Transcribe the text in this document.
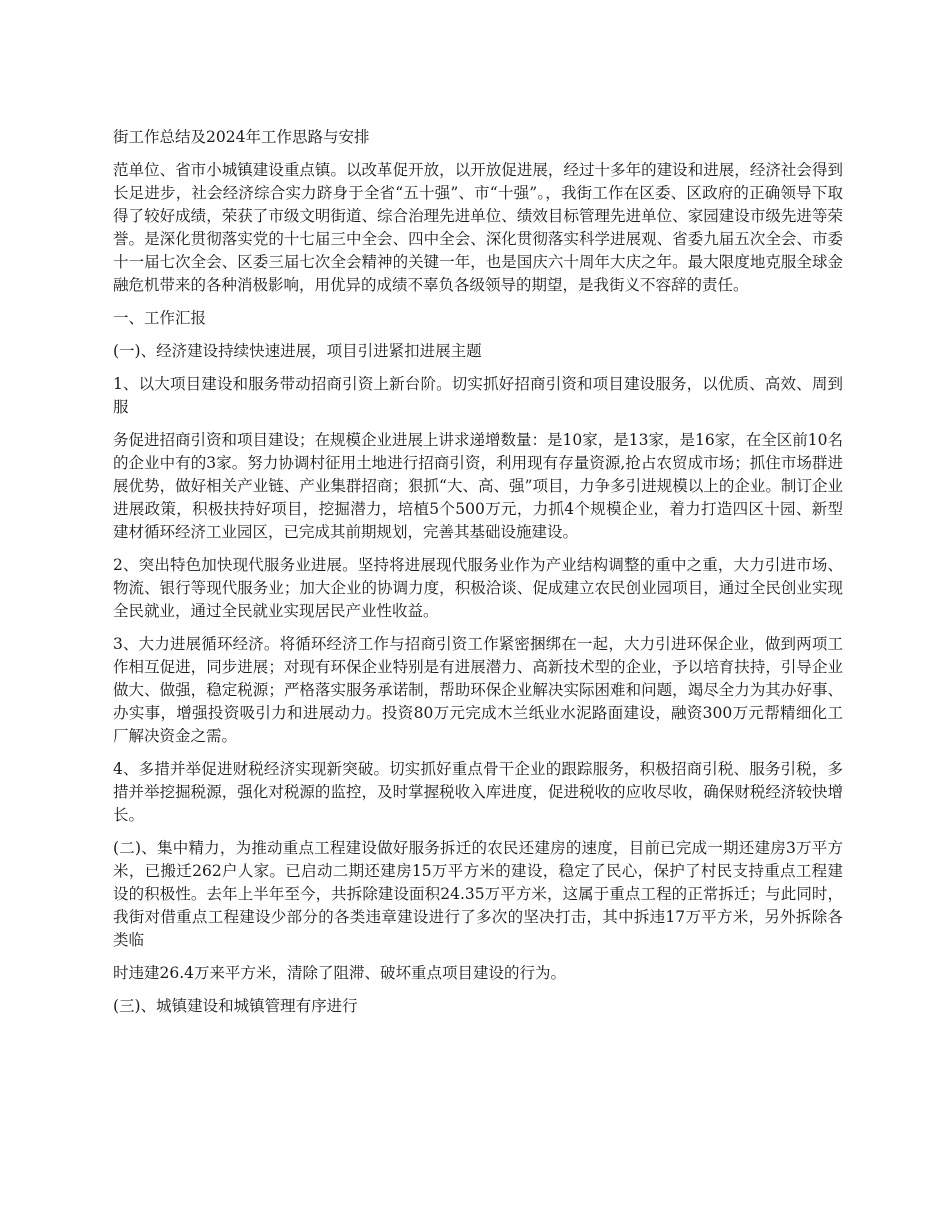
街工作总结及2024年工作思路与安排
范单位、省市小城镇建设重点镇。以改革促开放，以开放促进展，经过十多年的建设和进展，经济社会得到长足进步，社会经济综合实力跻身于全省“五十强”、市“十强”。，我街工作在区委、区政府的正确领导下取得了较好成绩，荣获了市级文明街道、综合治理先进单位、绩效目标管理先进单位、家园建设市级先进等荣誉。是深化贯彻落实党的十七届三中全会、四中全会、深化贯彻落实科学进展观、省委九届五次全会、市委十一届七次全会、区委三届七次全会精神的关键一年，也是国庆六十周年大庆之年。最大限度地克服全球金融危机带来的各种消极影响，用优异的成绩不辜负各级领导的期望，是我街义不容辞的责任。
一、工作汇报
(一)、经济建设持续快速进展，项目引进紧扣进展主题
1、以大项目建设和服务带动招商引资上新台阶。切实抓好招商引资和项目建设服务，以优质、高效、周到服
务促进招商引资和项目建设；在规模企业进展上讲求递增数量：是10家，是13家，是16家，在全区前10名的企业中有的3家。努力协调村征用土地进行招商引资，利用现有存量资源,抢占农贸成市场；抓住市场群进展优势，做好相关产业链、产业集群招商；狠抓“大、高、强”项目，力争多引进规模以上的企业。制订企业进展政策，积极扶持好项目，挖掘潜力，培植5个500万元，力抓4个规模企业，着力打造四区十园、新型建材循环经济工业园区，已完成其前期规划，完善其基础设施建设。
2、突出特色加快现代服务业进展。坚持将进展现代服务业作为产业结构调整的重中之重，大力引进市场、物流、银行等现代服务业；加大企业的协调力度，积极洽谈、促成建立农民创业园项目，通过全民创业实现全民就业，通过全民就业实现居民产业性收益。
3、大力进展循环经济。将循环经济工作与招商引资工作紧密捆绑在一起，大力引进环保企业，做到两项工作相互促进，同步进展；对现有环保企业特别是有进展潜力、高新技术型的企业，予以培育扶持，引导企业做大、做强，稳定税源；严格落实服务承诺制，帮助环保企业解决实际困难和问题，竭尽全力为其办好事、办实事，增强投资吸引力和进展动力。投资80万元完成木兰纸业水泥路面建设，融资300万元帮精细化工厂解决资金之需。
4、多措并举促进财税经济实现新突破。切实抓好重点骨干企业的跟踪服务，积极招商引税、服务引税，多措并举挖掘税源，强化对税源的监控，及时掌握税收入库进度，促进税收的应收尽收，确保财税经济较快增长。
(二)、集中精力，为推动重点工程建设做好服务拆迁的农民还建房的速度，目前已完成一期还建房3万平方米，已搬迁262户人家。已启动二期还建房15万平方米的建设，稳定了民心，保护了村民支持重点工程建设的积极性。去年上半年至今，共拆除建设面积24.35万平方米，这属于重点工程的正常拆迁；与此同时，我街对借重点工程建设少部分的各类违章建设进行了多次的坚决打击，其中拆违17万平方米，另外拆除各类临
时违建26.4万来平方米，清除了阻滞、破坏重点项目建设的行为。
(三)、城镇建设和城镇管理有序进行
